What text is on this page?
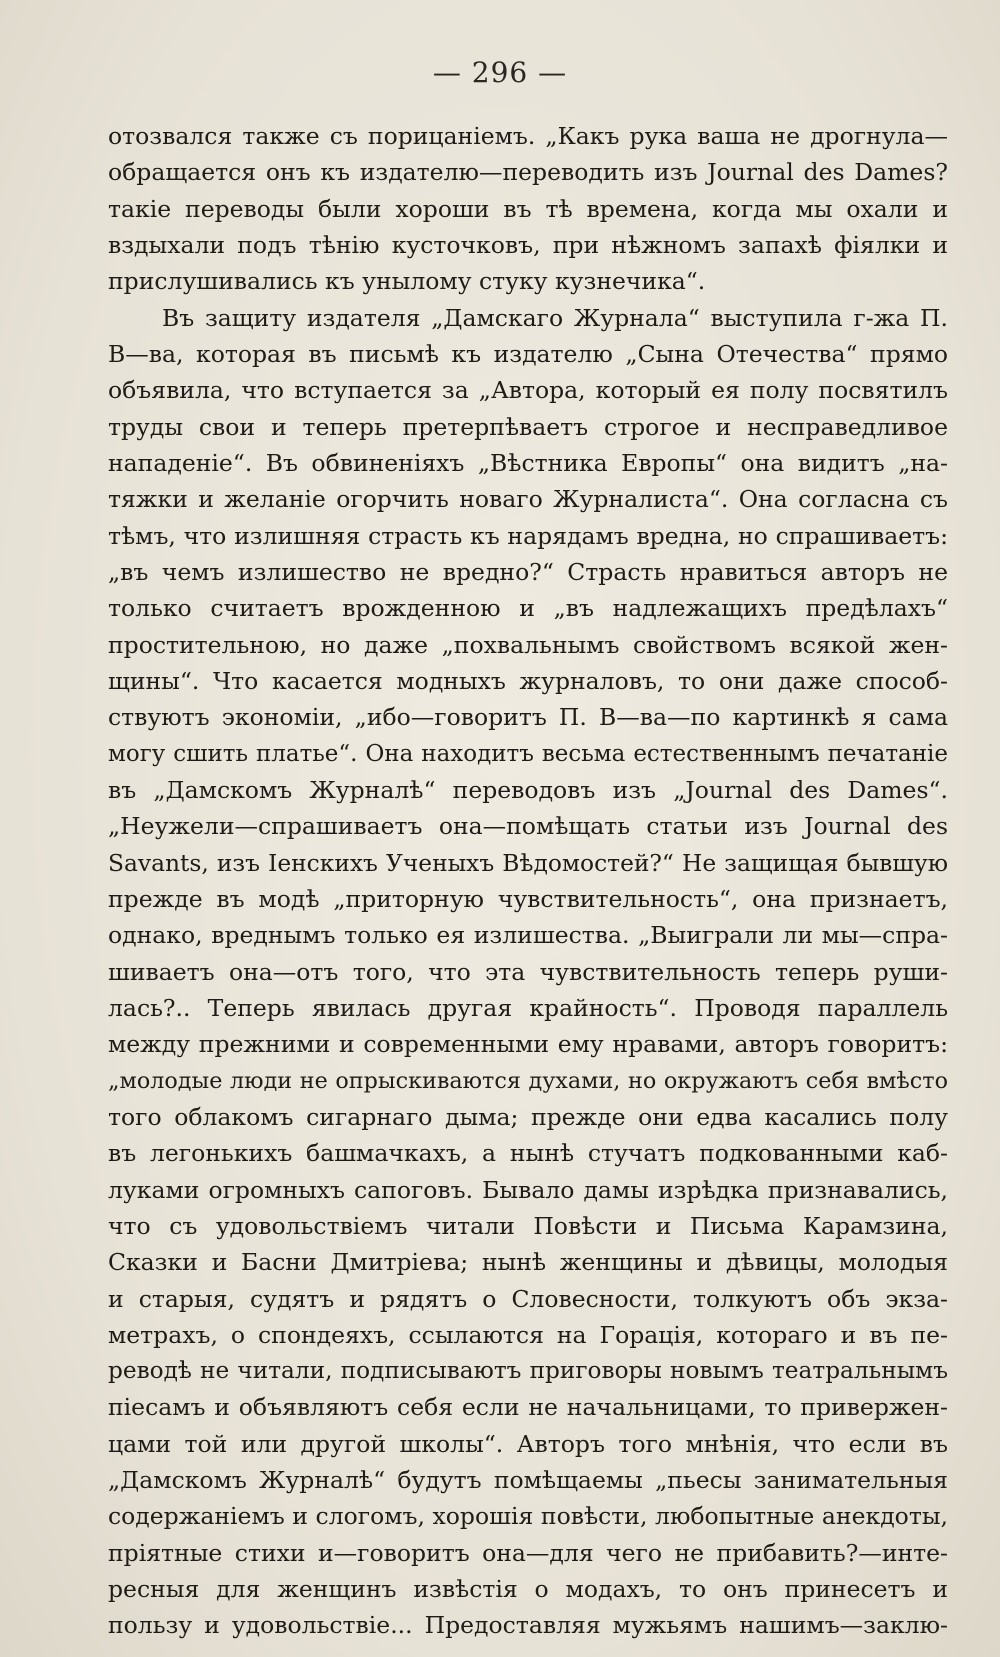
— 296 —
отозвался также съ порицаніемъ. „Какъ рука ваша не дрогнула—
обращается онъ къ издателю—переводить изъ Journal des Dames?
такіе переводы были хороши въ тѣ времена, когда мы охали и
вздыхали подъ тѣнію кусточковъ, при нѣжномъ запахѣ фіялки и
прислушивались къ унылому стуку кузнечика“.
Въ защиту издателя „Дамскаго Журнала“ выступила г-жа П.
В—ва, которая въ письмѣ къ издателю „Сына Отечества“ прямо
объявила, что вступается за „Автора, который ея полу посвятилъ
труды свои и теперь претерпѣваетъ строгое и несправедливое
нападеніе“. Въ обвиненіяхъ „Вѣстника Европы“ она видитъ „на-
тяжки и желаніе огорчить новаго Журналиста“. Она согласна съ
тѣмъ, что излишняя страсть къ нарядамъ вредна, но спрашиваетъ:
„въ чемъ излишество не вредно?“ Страсть нравиться авторъ не
только считаетъ врожденною и „въ надлежащихъ предѣлахъ“
простительною, но даже „похвальнымъ свойствомъ всякой жен-
щины“. Что касается модныхъ журналовъ, то они даже способ-
ствуютъ экономіи, „ибо—говоритъ П. В—ва—по картинкѣ я сама
могу сшить платье“. Она находитъ весьма естественнымъ печатаніе
въ „Дамскомъ Журналѣ“ переводовъ изъ „Journal des Dames“.
„Неужели—спрашиваетъ она—помѣщать статьи изъ Journal des
Savants, изъ Іенскихъ Ученыхъ Вѣдомостей?“ Не защищая бывшую
прежде въ модѣ „приторную чувствительность“, она признаетъ,
однако, вреднымъ только ея излишества. „Выиграли ли мы—спра-
шиваетъ она—отъ того, что эта чувствительность теперь руши-
лась?.. Теперь явилась другая крайность“. Проводя параллель
между прежними и современными ему нравами, авторъ говоритъ:
„молодые люди не опрыскиваются духами, но окружаютъ себя вмѣсто
того облакомъ сигарнаго дыма; прежде они едва касались полу
въ легонькихъ башмачкахъ, а нынѣ стучатъ подкованными каб-
луками огромныхъ сапоговъ. Бывало дамы изрѣдка признавались,
что съ удовольствіемъ читали Повѣсти и Письма Карамзина,
Сказки и Басни Дмитріева; нынѣ женщины и дѣвицы, молодыя
и старыя, судятъ и рядятъ о Словесности, толкуютъ объ экза-
метрахъ, о спондеяхъ, ссылаются на Горація, котораго и въ пе-
реводѣ не читали, подписываютъ приговоры новымъ театральнымъ
піесамъ и объявляютъ себя если не начальницами, то привержен-
цами той или другой школы“. Авторъ того мнѣнія, что если въ
„Дамскомъ Журналѣ“ будутъ помѣщаемы „пьесы занимательныя
содержаніемъ и слогомъ, хорошія повѣсти, любопытные анекдоты,
пріятные стихи и—говоритъ она—для чего не прибавить?—инте-
ресныя для женщинъ извѣстія о модахъ, то онъ принесетъ и
пользу и удовольствіе... Предоставляя мужьямъ нашимъ—заклю-
